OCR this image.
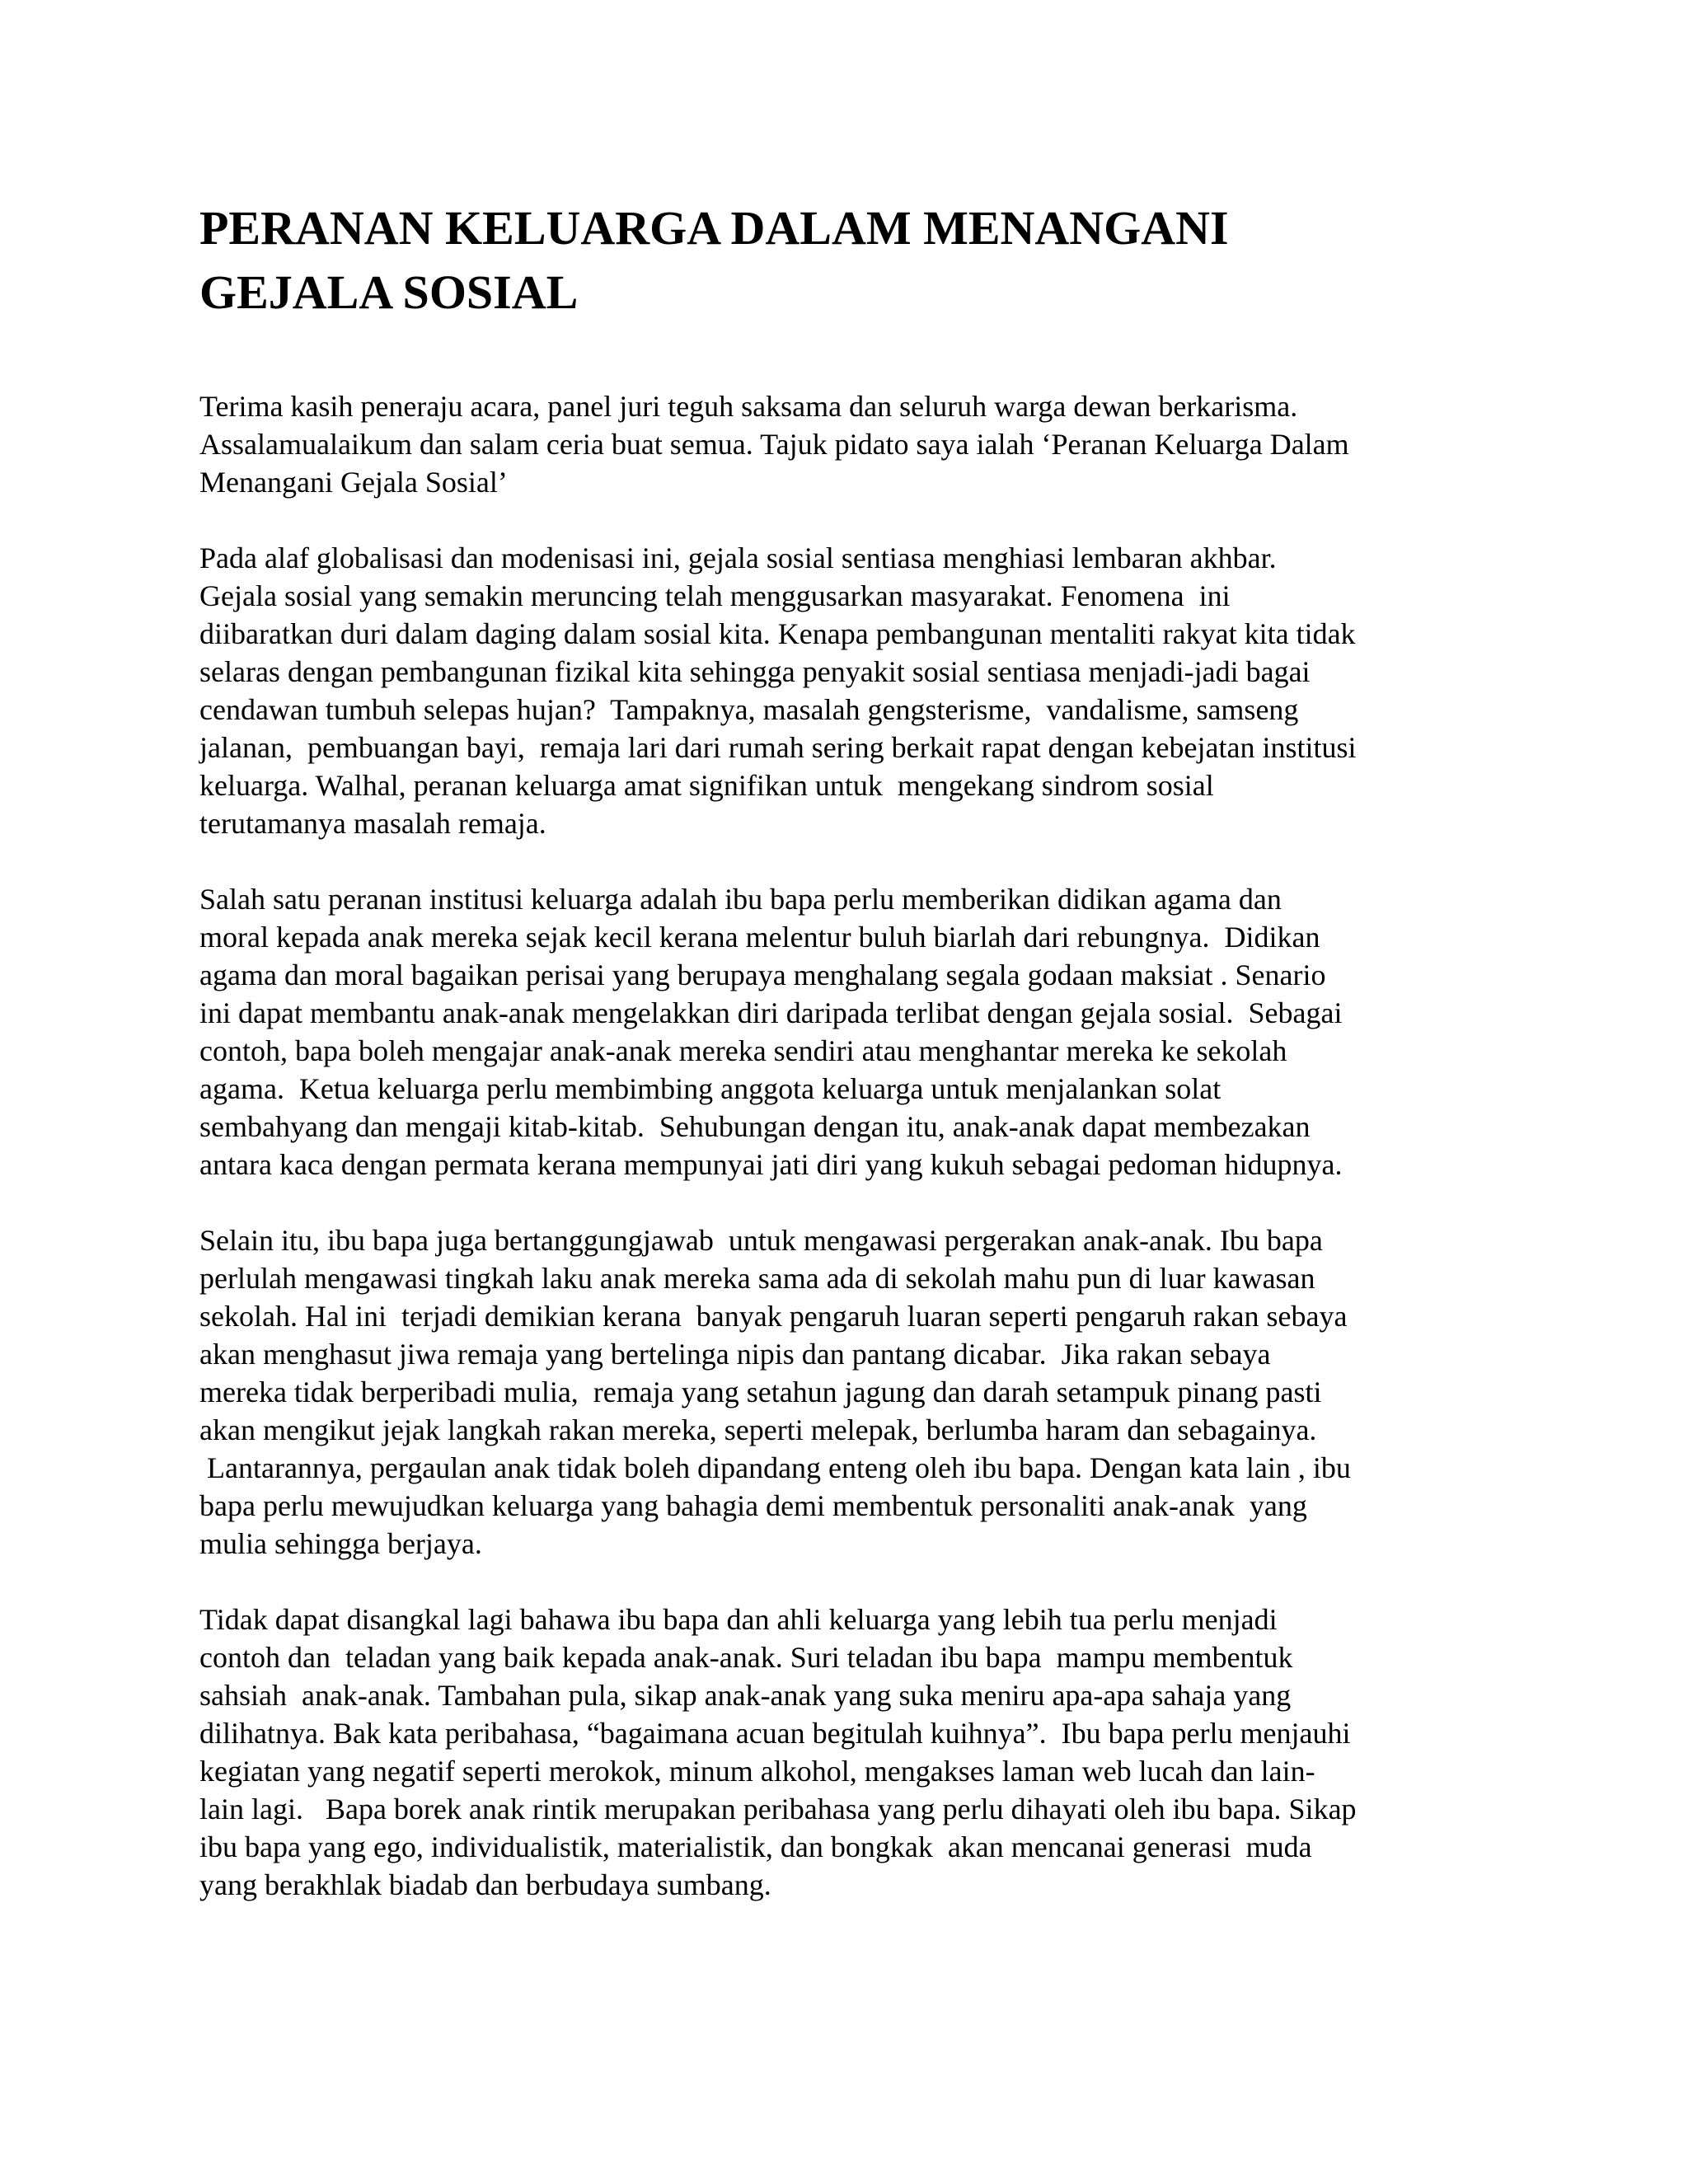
PERANAN KELUARGA DALAM MENANGANI
GEJALA SOSIAL

Terima kasih peneraju acara, panel juri teguh saksama dan seluruh warga dewan berkarisma.
Assalamualaikum dan salam ceria buat semua. Tajuk pidato saya ialah ‘Peranan Keluarga Dalam
Menangani Gejala Sosial’

Pada alaf globalisasi dan modenisasi ini, gejala sosial sentiasa menghiasi lembaran akhbar.
Gejala sosial yang semakin meruncing telah menggusarkan masyarakat. Fenomena  ini
diibaratkan duri dalam daging dalam sosial kita. Kenapa pembangunan mentaliti rakyat kita tidak
selaras dengan pembangunan fizikal kita sehingga penyakit sosial sentiasa menjadi-jadi bagai
cendawan tumbuh selepas hujan?  Tampaknya, masalah gengsterisme,  vandalisme, samseng
jalanan,  pembuangan bayi,  remaja lari dari rumah sering berkait rapat dengan kebejatan institusi
keluarga. Walhal, peranan keluarga amat signifikan untuk  mengekang sindrom sosial
terutamanya masalah remaja.

Salah satu peranan institusi keluarga adalah ibu bapa perlu memberikan didikan agama dan
moral kepada anak mereka sejak kecil kerana melentur buluh biarlah dari rebungnya.  Didikan
agama dan moral bagaikan perisai yang berupaya menghalang segala godaan maksiat . Senario
ini dapat membantu anak-anak mengelakkan diri daripada terlibat dengan gejala sosial.  Sebagai
contoh, bapa boleh mengajar anak-anak mereka sendiri atau menghantar mereka ke sekolah
agama.  Ketua keluarga perlu membimbing anggota keluarga untuk menjalankan solat
sembahyang dan mengaji kitab-kitab.  Sehubungan dengan itu, anak-anak dapat membezakan
antara kaca dengan permata kerana mempunyai jati diri yang kukuh sebagai pedoman hidupnya.

Selain itu, ibu bapa juga bertanggungjawab  untuk mengawasi pergerakan anak-anak. Ibu bapa
perlulah mengawasi tingkah laku anak mereka sama ada di sekolah mahu pun di luar kawasan
sekolah. Hal ini  terjadi demikian kerana  banyak pengaruh luaran seperti pengaruh rakan sebaya
akan menghasut jiwa remaja yang bertelinga nipis dan pantang dicabar.  Jika rakan sebaya
mereka tidak berperibadi mulia,  remaja yang setahun jagung dan darah setampuk pinang pasti
akan mengikut jejak langkah rakan mereka, seperti melepak, berlumba haram dan sebagainya.
Lantarannya, pergaulan anak tidak boleh dipandang enteng oleh ibu bapa. Dengan kata lain , ibu
bapa perlu mewujudkan keluarga yang bahagia demi membentuk personaliti anak-anak  yang
mulia sehingga berjaya.

Tidak dapat disangkal lagi bahawa ibu bapa dan ahli keluarga yang lebih tua perlu menjadi
contoh dan  teladan yang baik kepada anak-anak. Suri teladan ibu bapa  mampu membentuk
sahsiah  anak-anak. Tambahan pula, sikap anak-anak yang suka meniru apa-apa sahaja yang
dilihatnya. Bak kata peribahasa, “bagaimana acuan begitulah kuihnya”.  Ibu bapa perlu menjauhi
kegiatan yang negatif seperti merokok, minum alkohol, mengakses laman web lucah dan lain-
lain lagi.   Bapa borek anak rintik merupakan peribahasa yang perlu dihayati oleh ibu bapa. Sikap
ibu bapa yang ego, individualistik, materialistik, dan bongkak  akan mencanai generasi  muda
yang berakhlak biadab dan berbudaya sumbang.
